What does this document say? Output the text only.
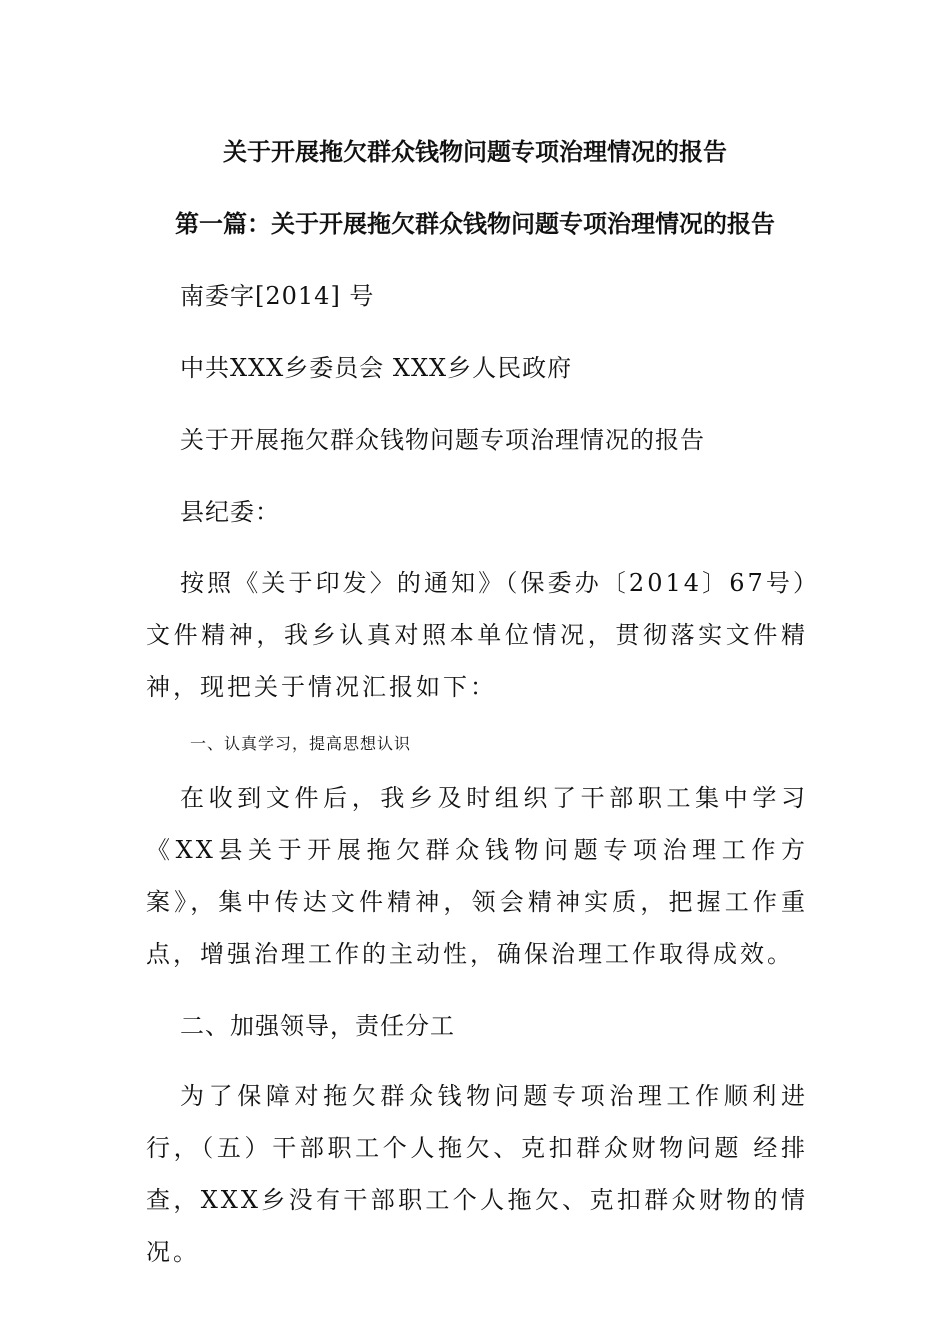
关于开展拖欠群众钱物问题专项治理情况的报告
第一篇：关于开展拖欠群众钱物问题专项治理情况的报告
南委字[2014] 号
中共XXX乡委员会 XXX乡人民政府
关于开展拖欠群众钱物问题专项治理情况的报告
县纪委：

按照《关于印发〉的通知》（保委办〔2014〕67号）文件精神，我乡认真对照本单位情况，贯彻落实文件精神，现把关于情况汇报如下：

一、认真学习，提高思想认识

在收到文件后，我乡及时组织了干部职工集中学习《XX县关于开展拖欠群众钱物问题专项治理工作方案》，集中传达文件精神，领会精神实质，把握工作重点，增强治理工作的主动性，确保治理工作取得成效。

二、加强领导，责任分工

为了保障对拖欠群众钱物问题专项治理工作顺利进行，（五）干部职工个人拖欠、克扣群众财物问题 经排查，XXX乡没有干部职工个人拖欠、克扣群众财物的情况。
